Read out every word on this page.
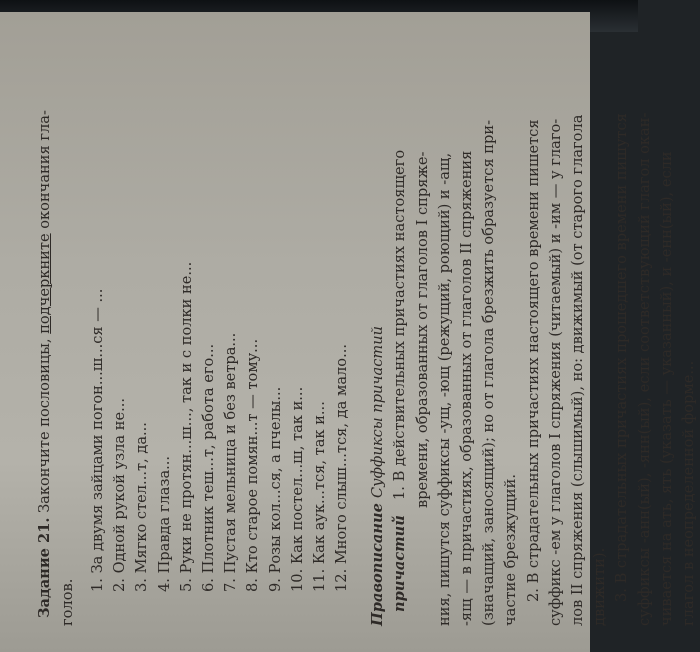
Задание 21. Закончите пословицы, подчеркните окончания гла-

голов.

1. За двумя зайцами погон...ш...ся — ... 2. Одной рукой узла не... 3. Мягко стел...т, да... 4. Правда глаза... 5. Руки не протян...ш..., так и с полки не... 6. Плотник теш...т, работа его... 7. Пустая мельница и без ветра... 8. Кто старое помян...т — тому... 9. Розы кол...ся, а пчелы... 10. Как постел...ш, так и... 11. Как аук...тся, так и... 12. Много слыш...тся, да мало... Правописание причастий
Суффиксы причастий 1. В действительных причастиях настоящего времени, образованных от глаголов I спряже- ния, пишутся суффиксы -ущ, -ющ (режущий, роющий) и -ащ, -ящ — в причастиях, образованных от глаголов II спряжения (значащий, заносящий); но от глагола брезжить образуется при- частие брезжущий. 2. В страдательных причастиях настоящего времени пишется суффикс -ем у глаголов I спряжения (читаемый) и -им — у глаго- лов II спряжения (слышимый), но: движимый (от старого глагола движити). 3. В страдательных причастиях прошедшего времени пишутся суффиксы -анн(ый), -янн(ый), если соответствующий глагол окан- чивается на ать, ять (указать — указанный), и -енн(ый), если глагол в неопределенной форме...
